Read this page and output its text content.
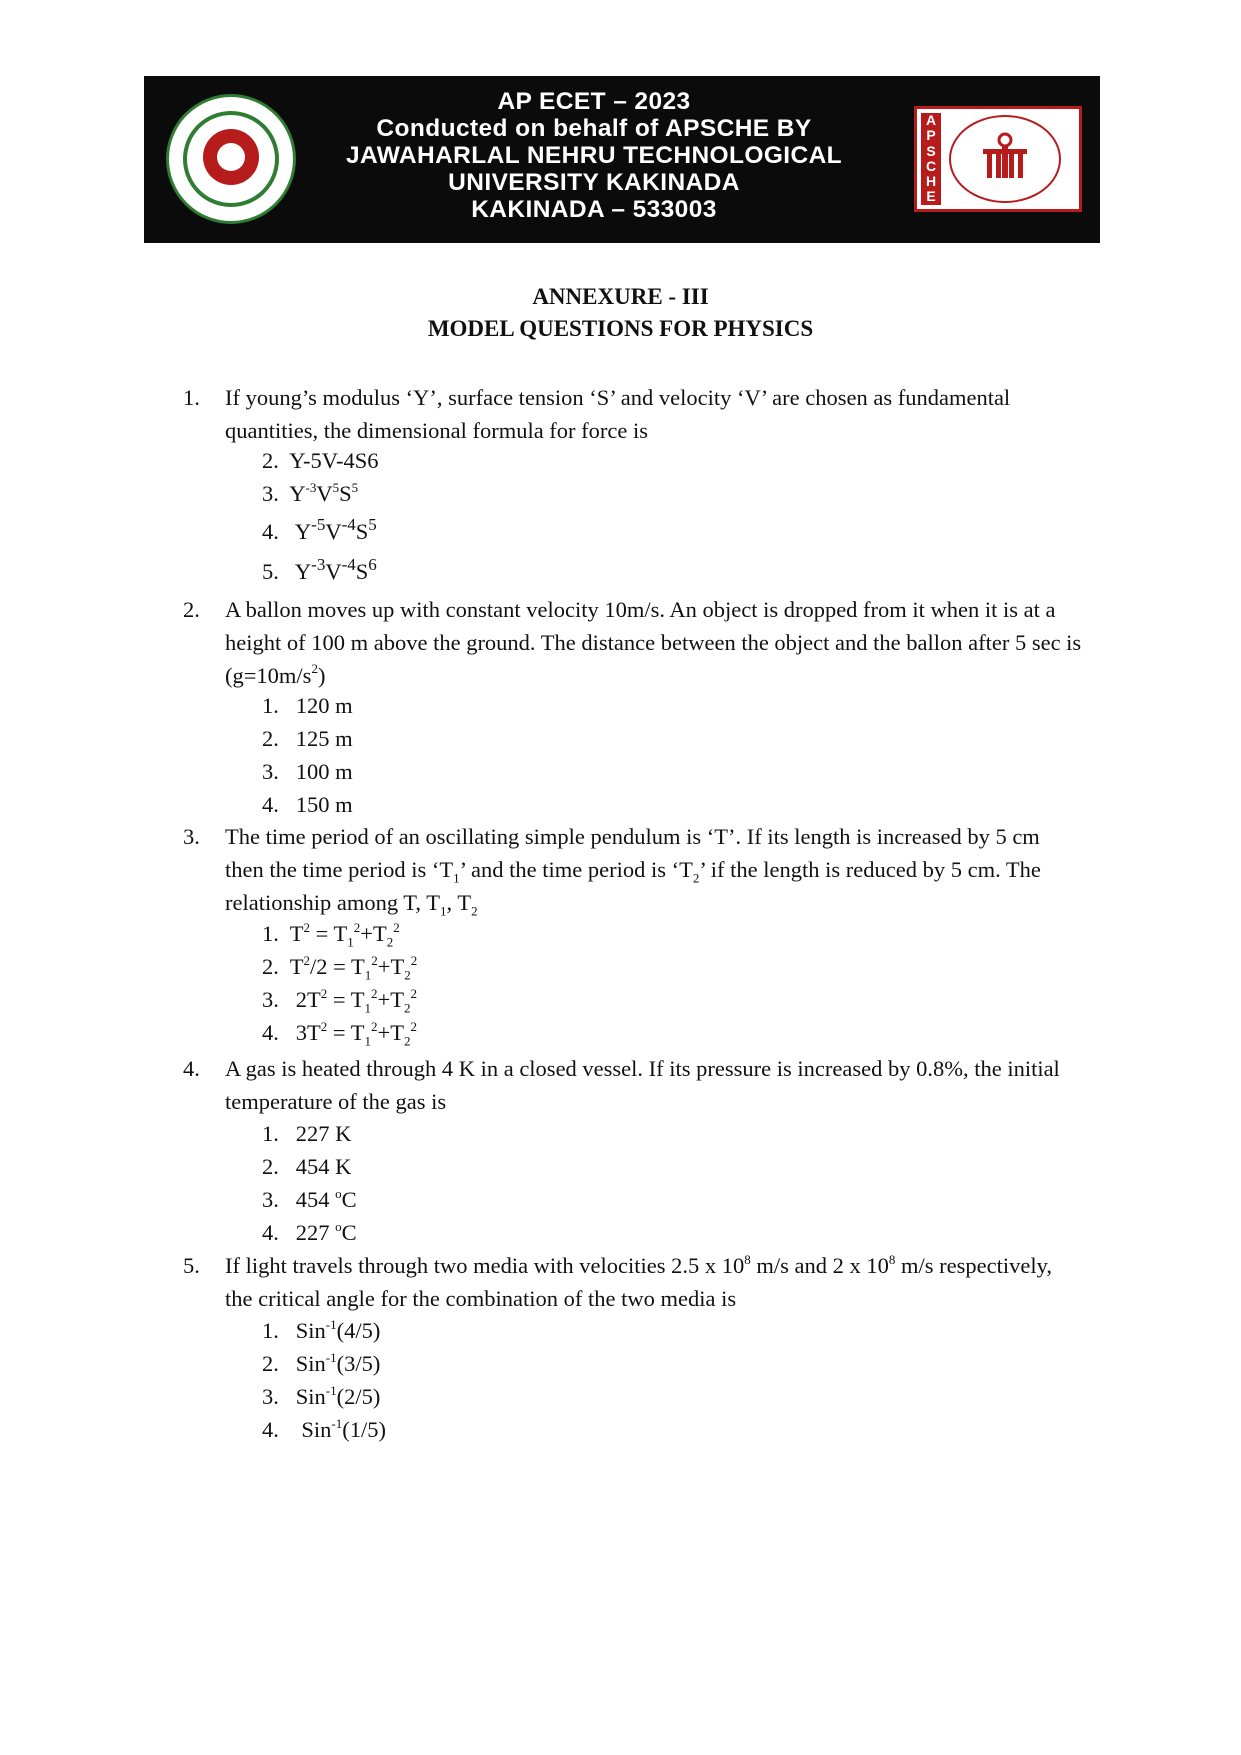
AP ECET – 2023
Conducted on behalf of APSCHE BY
JAWAHARLAL NEHRU TECHNOLOGICAL
UNIVERSITY KAKINADA
KAKINADA – 533003
A
P
S
C
H
E
ANNEXURE - III
MODEL QUESTIONS FOR PHYSICS
1. If young’s modulus ‘Y’, surface tension ‘S’ and velocity ‘V’ are chosen as fundamental quantities, the dimensional formula for force is
2. Y-5V-4S6
3.  $Y^{-3}V^5S^5$
4.   $Y^{-5}V^{-4}S^5$
5.   $Y^{-3}V^{-4}S^6$
2. A ballon moves up with constant velocity 10m/s. An object is dropped from it when it is at a height of 100 m above the ground. The distance between the object and the ballon after 5 sec is $(g=10m/s^2)$
1. 120 m
2. 125 m
3. 100 m
4. 150 m
3. The time period of an oscillating simple pendulum is ‘T’. If its length is increased by 5 cm then the time period is ‘$T_1$’ and the time period is ‘$T_2$’ if the length is reduced by 5 cm. The relationship among T, $T_1$, $T_2$
1.  $T^2 = T_1^2+T_2^2$
2.  $T^2/2 = T_1^2+T_2^2$
3.   $2T^2 = T_1^2+T_2^2$
4.   $3T^2 = T_1^2+T_2^2$
4. A gas is heated through 4 K in a closed vessel. If its pressure is increased by 0.8%, the initial temperature of the gas is
1. 227 K
2. 454 K
3.   454 $^o$C
4.   227 $^o$C
5. If light travels through two media with velocities 2.5 x $10^8$ m/s and 2 x $10^8$ m/s respectively, the critical angle for the combination of the two media is
1.   Sin$^{-1}$(4/5)
2.   Sin$^{-1}$(3/5)
3.   Sin$^{-1}$(2/5)
4.    Sin$^{-1}$(1/5)
